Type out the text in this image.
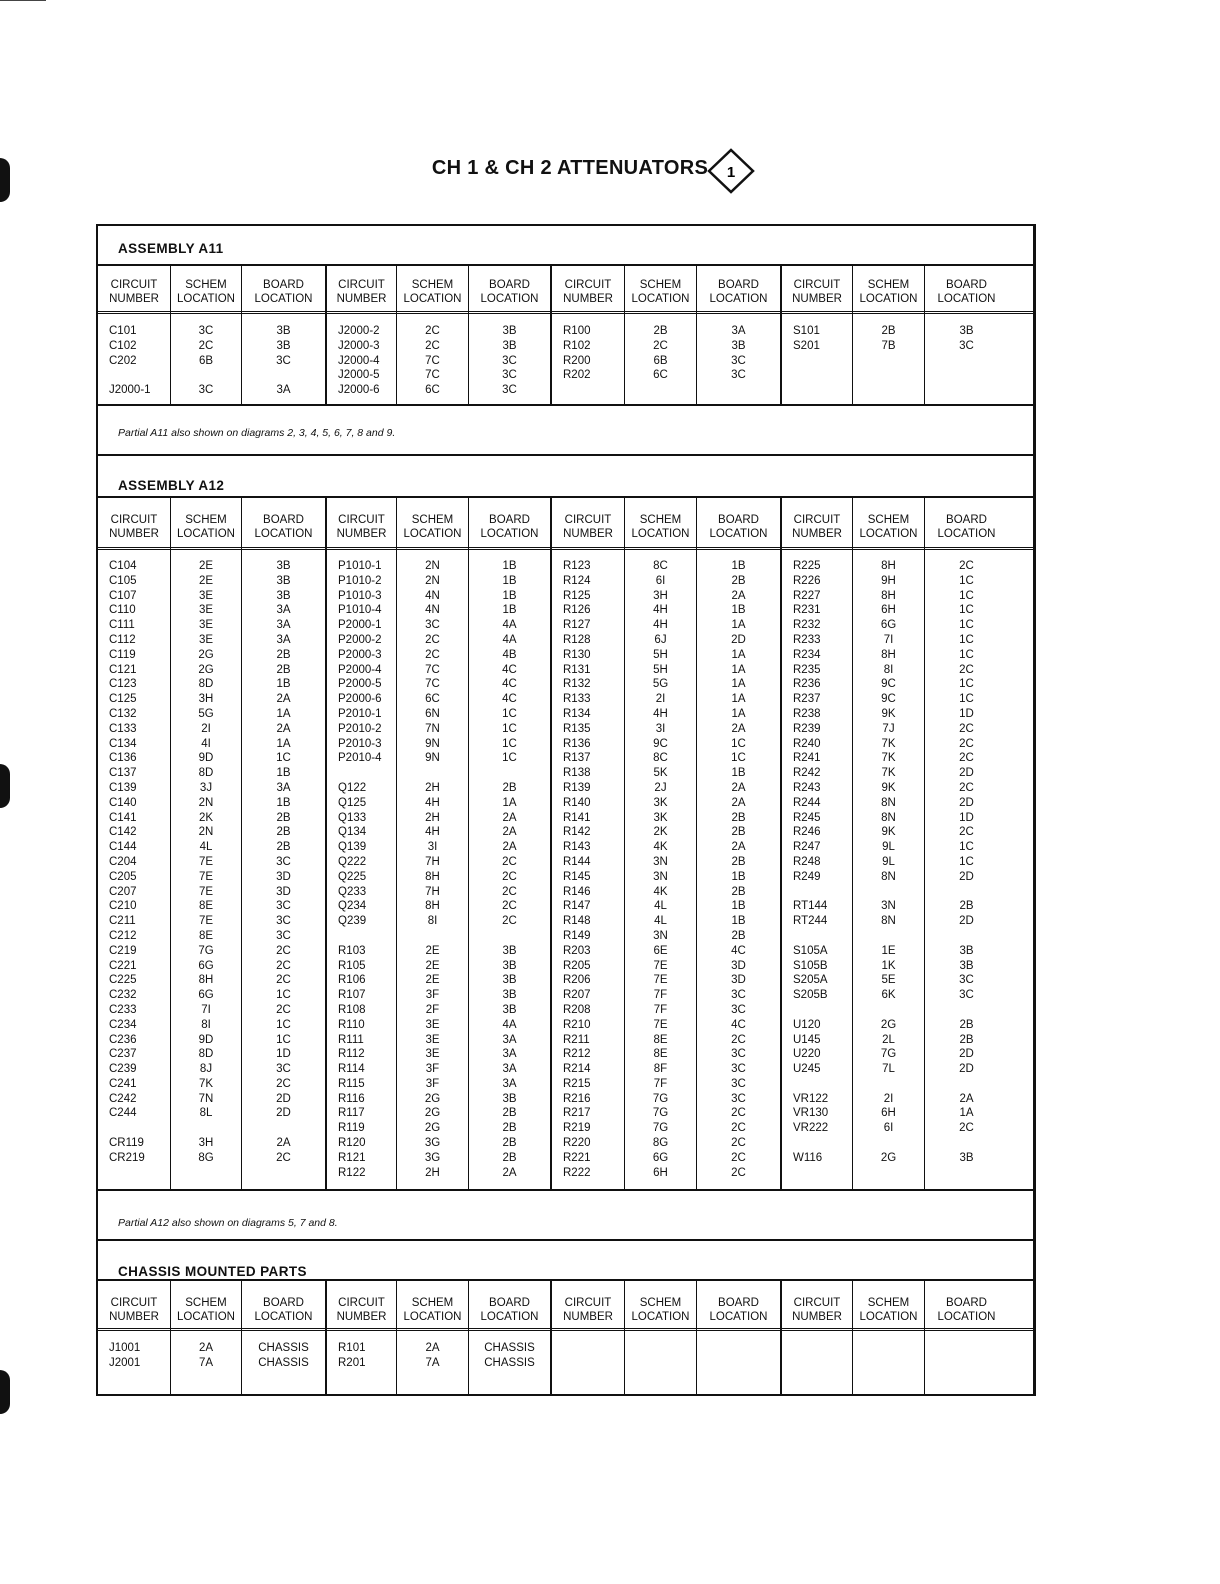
CH 1 & CH 2 ATTENUATORS	1
ASSEMBLY A11
CIRCUIT NUMBER
C101
C102
C202

J2000-1
SCHEM LOCATION
3C
2C
6B

3C
BOARD LOCATION
3B
3B
3C

3A
CIRCUIT NUMBER
J2000-2
J2000-3
J2000-4
J2000-5
J2000-6
SCHEM LOCATION
2C
2C
7C
7C
6C
BOARD LOCATION
3B
3B
3C
3C
3C
CIRCUIT NUMBER
R100
R102
R200
R202
SCHEM LOCATION
2B
2C
6B
6C
BOARD LOCATION
3A
3B
3C
3C
CIRCUIT NUMBER
S101
S201
SCHEM LOCATION
2B
7B
BOARD LOCATION
3B
3C
Partial A11 also shown on diagrams 2, 3, 4, 5, 6, 7, 8 and 9.
ASSEMBLY A12
CIRCUIT NUMBER
C104
C105
C107
C110
C111
C112
C119
C121
C123
C125
C132
C133
C134
C136
C137
C139
C140
C141
C142
C144
C204
C205
C207
C210
C211
C212
C219
C221
C225
C232
C233
C234
C236
C237
C239
C241
C242
C244

CR119
CR219
SCHEM LOCATION
2E
2E
3E
3E
3E
3E
2G
2G
8D
3H
5G
2I
4I
9D
8D
3J
2N
2K
2N
4L
7E
7E
7E
8E
7E
8E
7G
6G
8H
6G
7I
8I
9D
8D
8J
7K
7N
8L

3H
8G
BOARD LOCATION
3B
3B
3B
3A
3A
3A
2B
2B
1B
2A
1A
2A
1A
1C
1B
3A
1B
2B
2B
2B
3C
3D
3D
3C
3C
3C
2C
2C
2C
1C
2C
1C
1C
1D
3C
2C
2D
2D

2A
2C
CIRCUIT NUMBER
P1010-1
P1010-2
P1010-3
P1010-4
P2000-1
P2000-2
P2000-3
P2000-4
P2000-5
P2000-6
P2010-1
P2010-2
P2010-3
P2010-4

Q122
Q125
Q133
Q134
Q139
Q222
Q225
Q233
Q234
Q239

R103
R105
R106
R107
R108
R110
R111
R112
R114
R115
R116
R117
R119
R120
R121
R122
SCHEM LOCATION
2N
2N
4N
4N
3C
2C
2C
7C
7C
6C
6N
7N
9N
9N

2H
4H
2H
4H
3I
7H
8H
7H
8H
8I

2E
2E
2E
3F
2F
3E
3E
3E
3F
3F
2G
2G
2G
3G
3G
2H
BOARD LOCATION
1B
1B
1B
1B
4A
4A
4B
4C
4C
4C
1C
1C
1C
1C

2B
1A
2A
2A
2A
2C
2C
2C
2C
2C

3B
3B
3B
3B
3B
4A
3A
3A
3A
3A
3B
2B
2B
2B
2B
2A
CIRCUIT NUMBER
R123
R124
R125
R126
R127
R128
R130
R131
R132
R133
R134
R135
R136
R137
R138
R139
R140
R141
R142
R143
R144
R145
R146
R147
R148
R149
R203
R205
R206
R207
R208
R210
R211
R212
R214
R215
R216
R217
R219
R220
R221
R222
SCHEM LOCATION
8C
6I
3H
4H
4H
6J
5H
5H
5G
2I
4H
3I
9C
8C
5K
2J
3K
3K
2K
4K
3N
3N
4K
4L
4L
3N
6E
7E
7E
7F
7F
7E
8E
8E
8F
7F
7G
7G
7G
8G
6G
6H
BOARD LOCATION
1B
2B
2A
1B
1A
2D
1A
1A
1A
1A
1A
2A
1C
1C
1B
2A
2A
2B
2B
2A
2B
1B
2B
1B
1B
2B
4C
3D
3D
3C
3C
4C
2C
3C
3C
3C
3C
2C
2C
2C
2C
2C
CIRCUIT NUMBER
R225
R226
R227
R231
R232
R233
R234
R235
R236
R237
R238
R239
R240
R241
R242
R243
R244
R245
R246
R247
R248
R249

RT144
RT244

S105A
S105B
S205A
S205B

U120
U145
U220
U245

VR122
VR130
VR222

W116
SCHEM LOCATION
8H
9H
8H
6H
6G
7I
8H
8I
9C
9C
9K
7J
7K
7K
7K
9K
8N
8N
9K
9L
9L
8N

3N
8N

1E
1K
5E
6K

2G
2L
7G
7L

2I
6H
6I

2G
BOARD LOCATION
2C
1C
1C
1C
1C
1C
1C
2C
1C
1C
1D
2C
2C
2C
2D
2C
2D
1D
2C
1C
1C
2D

2B
2D

3B
3B
3C
3C

2B
2B
2D
2D

2A
1A
2C

3B
Partial A12 also shown on diagrams 5, 7 and 8.
CHASSIS MOUNTED PARTS
CIRCUIT NUMBER
J1001
J2001
SCHEM LOCATION
2A
7A
BOARD LOCATION
CHASSIS
CHASSIS
CIRCUIT NUMBER
R101
R201
SCHEM LOCATION
2A
7A
BOARD LOCATION
CHASSIS
CHASSIS
CIRCUIT NUMBER
SCHEM LOCATION
BOARD LOCATION
CIRCUIT NUMBER
SCHEM LOCATION
BOARD LOCATION
